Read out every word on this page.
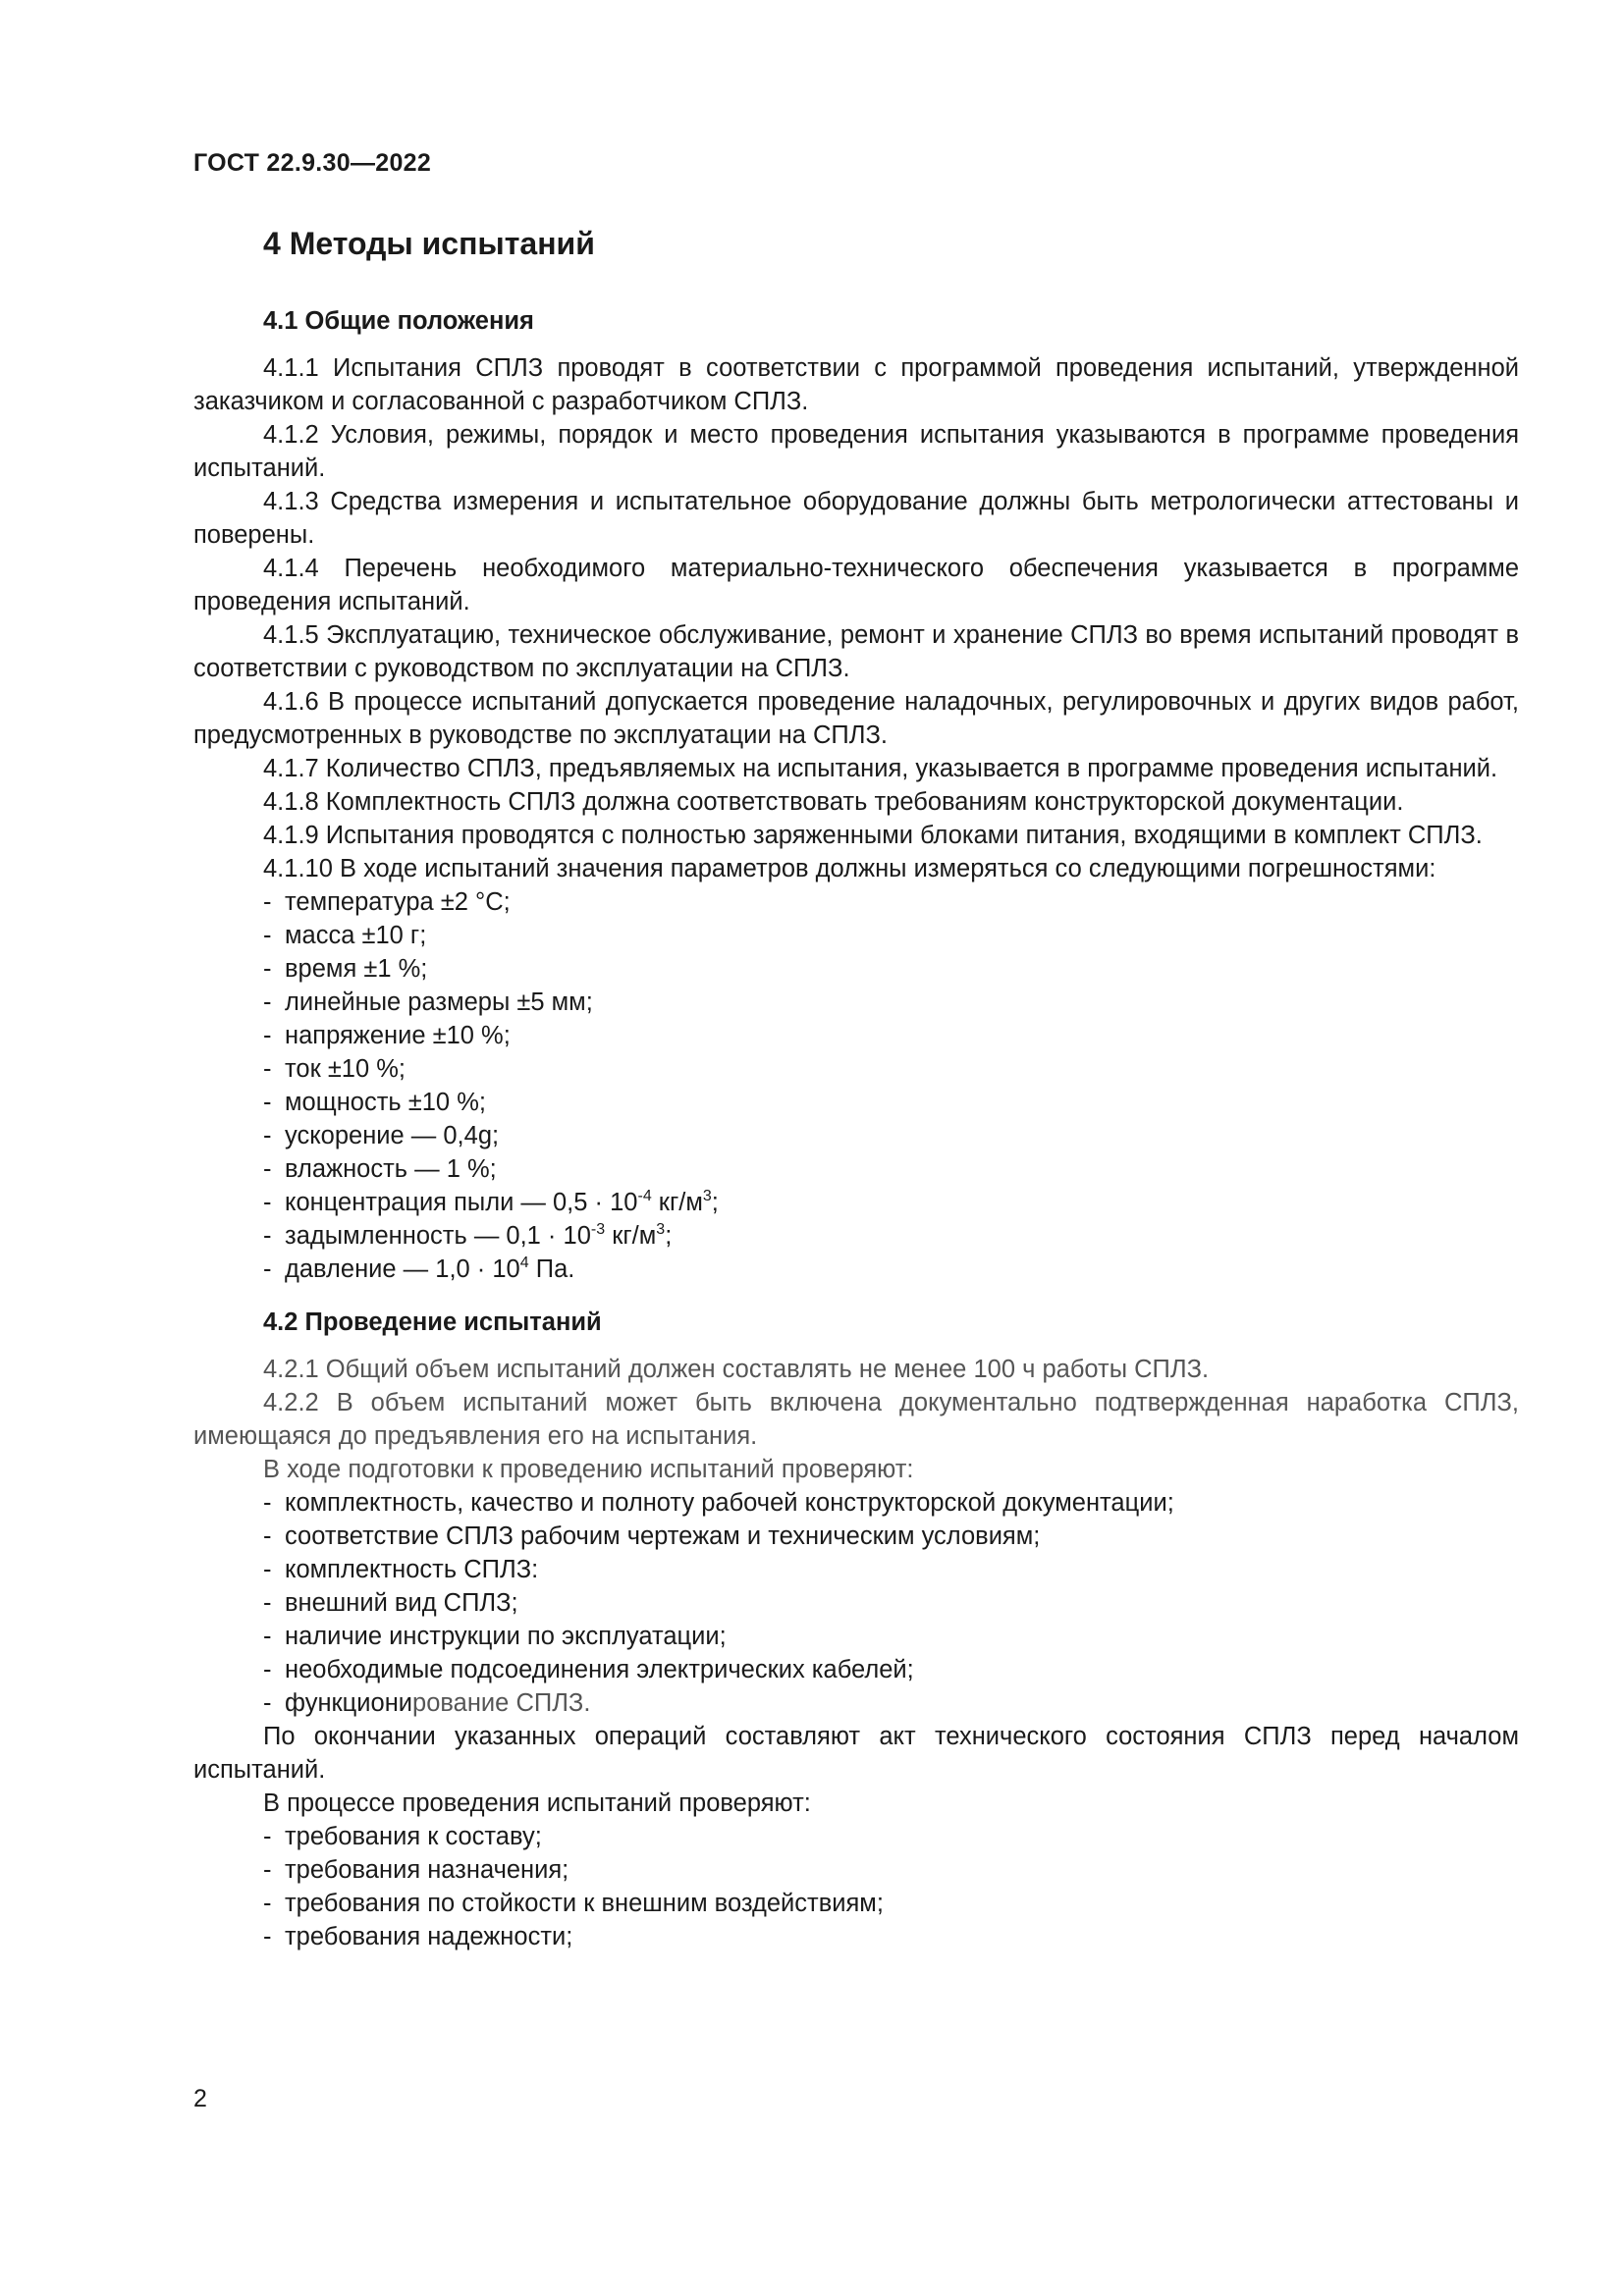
ГОСТ 22.9.30—2022
4 Методы испытаний
4.1 Общие положения

4.1.1 Испытания СПЛЗ проводят в соответствии с программой проведения испытаний, утвержденной заказчиком и согласованной с разработчиком СПЛЗ.

4.1.2 Условия, режимы, порядок и место проведения испытания указываются в программе проведения испытаний.

4.1.3 Средства измерения и испытательное оборудование должны быть метрологически аттестованы и поверены.

4.1.4 Перечень необходимого материально-технического обеспечения указывается в программе проведения испытаний.

4.1.5 Эксплуатацию, техническое обслуживание, ремонт и хранение СПЛЗ во время испытаний проводят в соответствии с руководством по эксплуатации на СПЛЗ.

4.1.6 В процессе испытаний допускается проведение наладочных, регулировочных и других видов работ, предусмотренных в руководстве по эксплуатации на СПЛЗ.

4.1.7 Количество СПЛЗ, предъявляемых на испытания, указывается в программе проведения испытаний.

4.1.8 Комплектность СПЛЗ должна соответствовать требованиям конструкторской документации.

4.1.9 Испытания проводятся с полностью заряженными блоками питания, входящими в комплект СПЛЗ.

4.1.10 В ходе испытаний значения параметров должны измеряться со следующими погрешностями:

- температура ±2 °С;
- масса ±10 г;
- время ±1 %;
- линейные размеры ±5 мм;
- напряжение ±10 %;
- ток ±10 %;
- мощность ±10 %;
- ускорение — 0,4g;
- влажность — 1 %;
- концентрация пыли — $0,5 \cdot 10^{-4}$ $кг/м^3$;
- задымленность — $0,1 \cdot 10^{-3}$ $кг/м^3$;
- давление — $1,0 \cdot 10^4$ Па.
4.2 Проведение испытаний

4.2.1 Общий объем испытаний должен составлять не менее 100 ч работы СПЛЗ.

4.2.2 В объем испытаний может быть включена документально подтвержденная наработка СПЛЗ, имеющаяся до предъявления его на испытания.

В ходе подготовки к проведению испытаний проверяют:

- комплектность, качество и полноту рабочей конструкторской документации;
- соответствие СПЛЗ рабочим чертежам и техническим условиям;
- комплектность СПЛЗ:
- внешний вид СПЛЗ;
- наличие инструкции по эксплуатации;
- необходимые подсоединения электрических кабелей;
- функционирование СПЛЗ.

По окончании указанных операций составляют акт технического состояния СПЛЗ перед началом испытаний.

В процессе проведения испытаний проверяют:

- требования к составу;
- требования назначения;
- требования по стойкости к внешним воздействиям;
- требования надежности;
2
